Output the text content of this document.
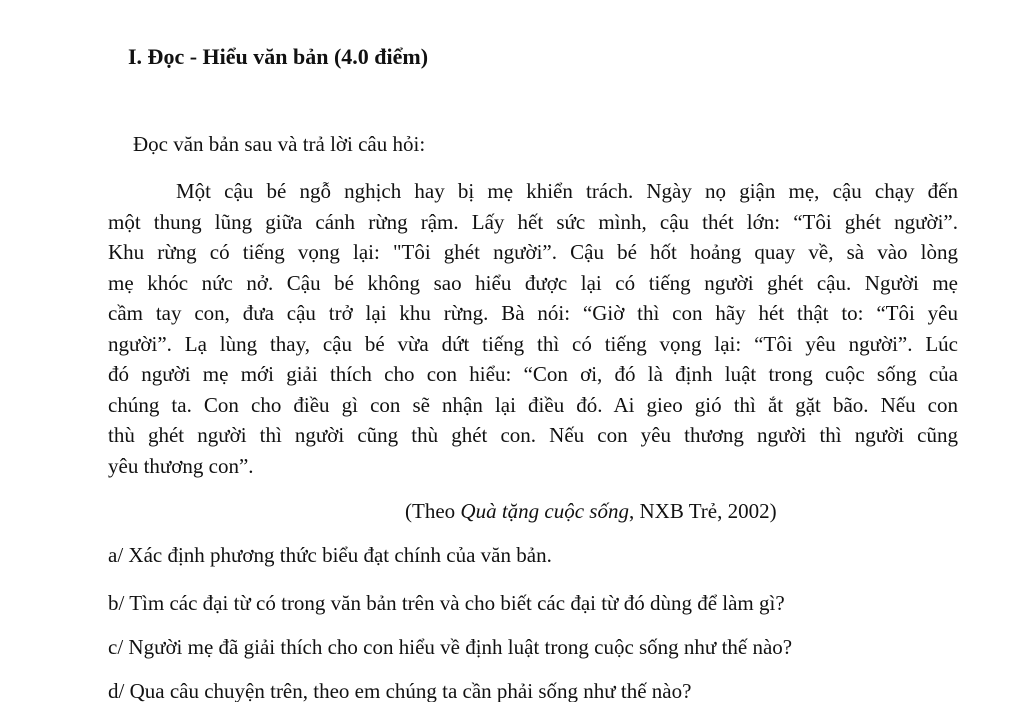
I. Đọc - Hiểu văn bản (4.0 điểm)
Đọc văn bản sau và trả lời câu hỏi:
Một cậu bé ngỗ nghịch hay bị mẹ khiển trách. Ngày nọ giận mẹ, cậu chạy đến
một thung lũng giữa cánh rừng rậm. Lấy hết sức mình, cậu thét lớn: “Tôi ghét người”.
Khu rừng có tiếng vọng lại: "Tôi ghét người”. Cậu bé hốt hoảng quay về, sà vào lòng
mẹ khóc nức nở. Cậu bé không sao hiểu được lại có tiếng người ghét cậu. Người mẹ
cầm tay con, đưa cậu trở lại khu rừng. Bà nói: “Giờ thì con hãy hét thật to: “Tôi yêu
người”. Lạ lùng thay, cậu bé vừa dứt tiếng thì có tiếng vọng lại: “Tôi yêu người”. Lúc
đó người mẹ mới giải thích cho con hiểu: “Con ơi, đó là định luật trong cuộc sống của
chúng ta. Con cho điều gì con sẽ nhận lại điều đó. Ai gieo gió thì ắt gặt bão. Nếu con
thù ghét người thì người cũng thù ghét con. Nếu con yêu thương người thì người cũng
yêu thương con”.
(Theo Quà tặng cuộc sống, NXB Trẻ, 2002)
a/ Xác định phương thức biểu đạt chính của văn bản.
b/ Tìm các đại từ có trong văn bản trên và cho biết các đại từ đó dùng để làm gì?
c/ Người mẹ đã giải thích cho con hiểu về định luật trong cuộc sống như thế nào?
d/ Qua câu chuyện trên, theo em chúng ta cần phải sống như thế nào?
